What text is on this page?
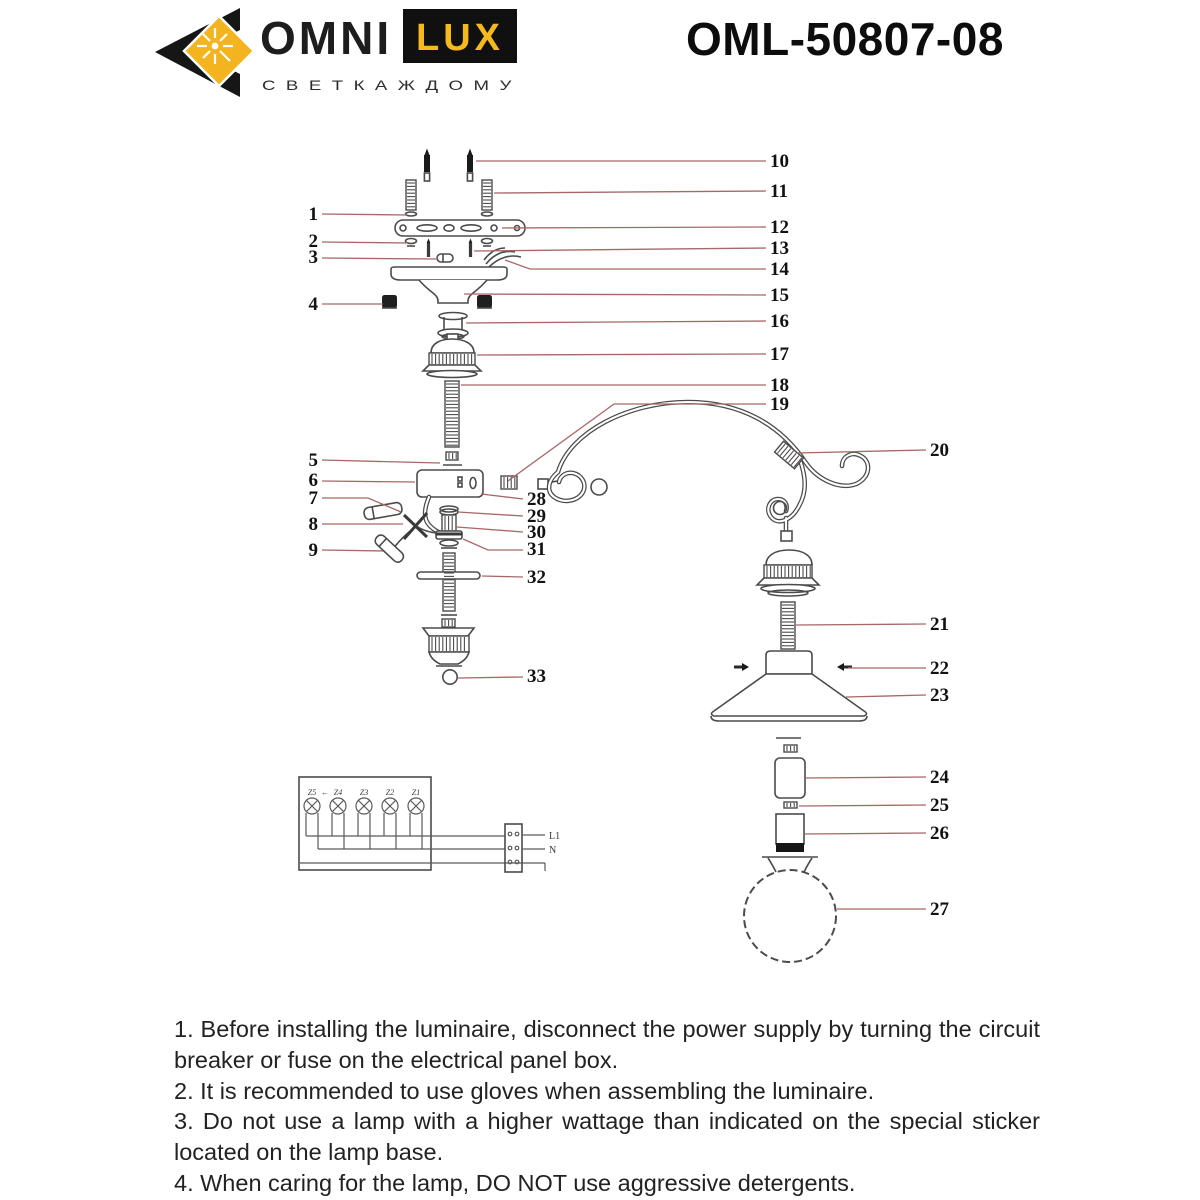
OMNI LUX
С В Е Т К А Ж Д О М У
OML-50807-08
Z5 Z4 Z3 Z2 Z1
←
L1
N
1
2
3
4
5
6
7
8
9
10
11
12
13
14
15
16
17
18
19
20
21
22
23
24
25
26
27
28
29
30
31
32
33

1. Before installing the luminaire, disconnect the power supply by turning the circuit breaker or fuse on the electrical panel box.

2. It is recommended to use gloves when assembling the luminaire.

3. Do not use a lamp with a higher wattage than indicated on the special sticker located on the lamp base.

4. When caring for the lamp, DO NOT use aggressive detergents.
